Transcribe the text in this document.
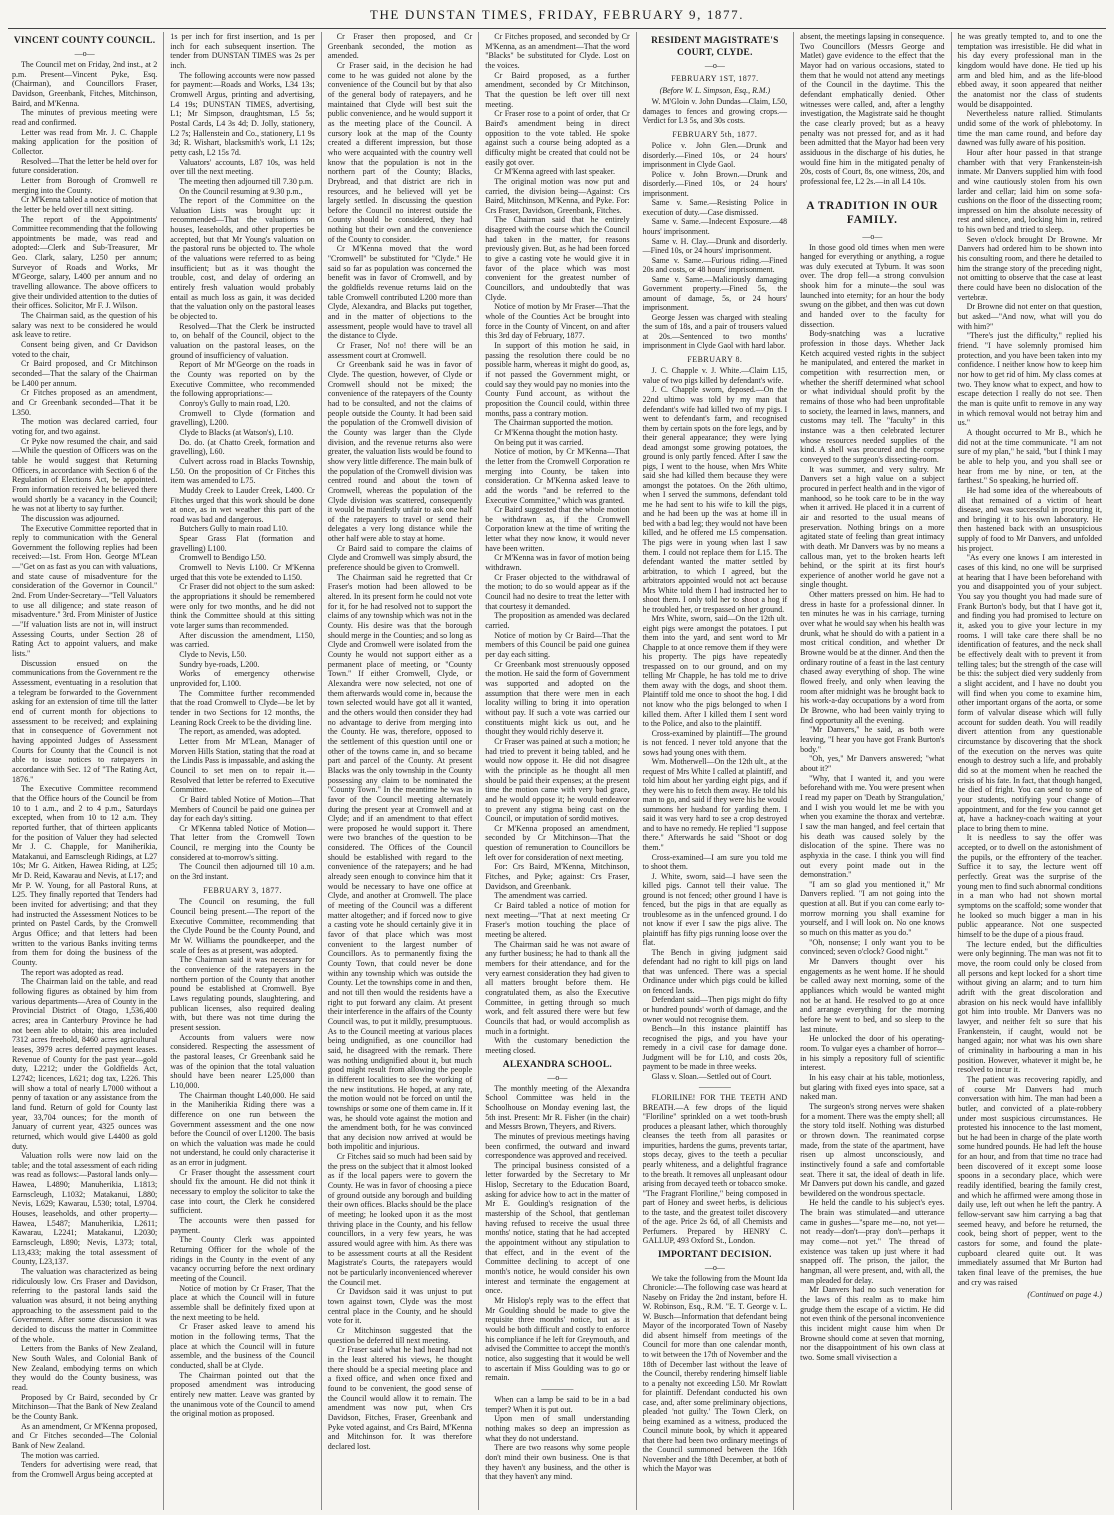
THE DUNSTAN TIMES, FRIDAY, FEBRUARY 9, 1877.
VINCENT COUNTY COUNCIL.
—o—

The Council met on Friday, 2nd inst., at 2 p.m. Present—Vincent Pyke, Esq. (Chairman), and Councillors Fraser, Davidson, Greenbank, Fitches, Mitchinson, Baird, and M'Kenna.

The minutes of previous meeting were read and confirmed.

Letter was read from Mr. J. C. Chapple making application for the position of Collector.

Resolved—That the letter be held over for future consideration.

Letter from Borough of Cromwell re merging into the County.

Cr M'Kenna tabled a notice of motion that the letter be held over till next sitting.

The report of the Appointments' Committee recommending that the following appointments be made, was read and adopted:—Clerk and Sub-Treasurer, Mr Geo. Clark, salary, L250 per annum; Surveyor of Roads and Works, Mr M'George, salary, L400 per annum and no travelling allowance. The above officers to give their undivided attention to the duties of their offices. Solicitor, Mr F. J. Wilson.

The Chairman said, as the question of his salary was next to be considered he would ask leave to retire.

Consent being given, and Cr Davidson voted to the chair,

Cr Baird proposed, and Cr Mitchinson seconded—That the salary of the Chairman be L400 per annum.

Cr Fitches proposed as an amendment, and Cr Greenbank seconded—That it be L350.

The motion was declared carried, four voting for, and two against.

Cr Pyke now resumed the chair, and said—While the question of Officers was on the table he would suggest that Returning Officers, in accordance with Section 6 of the Regulation of Elections Act, be appointed. From information received he believed there would shortly be a vacancy in the Council; he was not at liberty to say further.

The discussion was adjourned.

The Executive Committee reported that in reply to communication with the General Government the following replies had been received:—1st. From Hon. George M'Lean—"Get on as fast as you can with valuations, and state cause of misadventure for the consideration of the Governor in Council." 2nd. From Under-Secretary—"Tell Valuators to use all diligence; and state reason of misadventure." 3rd. From Minister of Justice—"If valuation lists are not in, will instruct Assessing Courts, under Section 28 of Rating Act to appoint valuers, and make lists."

Discussion ensued on the communications from the Government re the Assessment, eventuating in a resolution that a telegram be forwarded to the Government asking for an extension of time till the latter end of current month for objections to assessment to be received; and explaining that in consequence of Government not having appointed Judges of Assessment Courts for County that the Council is not able to issue notices to ratepayers in accordance with Sec. 12 of "The Rating Act, 1876."

The Executive Committee recommend that the Office hours of the Council be from 10 to 1 a.m., and 2 to 4 p.m., Saturdays excepted, when from 10 to 12 a.m. They reported further, that of thirteen applicants for the position of Valuer they had selected Mr J. C. Chapple, for Maniherikia, Matakanui, and Earnscleugh Ridings, at L27 10s; Mr G. Aitken, Hawea Riding, at L25; Mr D. Reid, Kawarau and Nevis, at L17; and Mr P. W. Young, for all Pastoral Runs, at L25. They finally reported that Tenders had been invited for advertising; and that they had instructed the Assessment Notices to be printed on Pastel Cards, by the Cromwell Argus Office; and that letters had been written to the various Banks inviting terms from them for doing the business of the County.

The report was adopted as read.

The Chairman laid on the table, and read following figures as obtained by him from various departments—Area of County in the Provincial District of Otago, 1,536,400 acres; area in Canterbury Province he had not been able to obtain; this area included 7312 acres freehold, 8460 acres agricultural leases, 3979 acres deferred payment leases. Revenue of County for the past year—gold duty, L2212; under the Goldfields Act, L2742; licences, L621; dog tax, L226. This will show a total of nearly L7000 without a penny of taxation or any assistance from the land fund. Return of gold for County last year, 33,704 ounces; for the month of January of current year, 4325 ounces was returned, which would give L4400 as gold duty.

Valuation rolls were now laid on the table; and the total assessment of each riding was read as follows:—Pastoral lands only—Hawea, L4890; Manuherikia, L1813; Earnscleugh, L1032; Matakanui, L880; Nevis, L629; Kawarau, L530; total, L9704. Houses, leaseholds, and other property—Hawea, L5487; Manuherikia, L2611; Kawarau, L2241; Matakanui, L2030; Earnscleugh, L890; Nevis, L373; total, L13,433; making the total assessment of County, L23,137.

The valuation was characterized as being ridiculously low. Crs Fraser and Davidson, referring to the pastoral lands said the valuation was absurd, it not being anything approaching to the assessment paid to the Government. After some discussion it was decided to discuss the matter in Committee of the whole.

Letters from the Banks of New Zealand, New South Wales, and Colonial Bank of New Zealand, embodying terms on which they would do the County business, was read.

Proposed by Cr Baird, seconded by Cr Mitchinson—That the Bank of New Zealand be the County Bank.

As an amendment, Cr M'Kenna proposed, and Cr Fitches seconded—The Colonial Bank of New Zealand.

The motion was carried.

Tenders for advertising were read, that from the Cromwell Argus being accepted at

1s per inch for first insertion, and 1s per inch for each subsequent insertion. The tender from DUNSTAN TIMES was 2s per inch.

The following accounts were now passed for payment:—Roads and Works, L34 13s; Cromwell Argus, printing and advertising, L4 19s; DUNSTAN TIMES, advertising, L1; Mr Simpson, draughtsman, L5 5s; Postal Cards, L4 3s 4d; D. Jolly, stationery, L2 7s; Hallenstein and Co., stationery, L1 9s 3d; R. Wishart, blacksmith's work, L1 12s; petty cash, L2 15s 7d.

Valuators' accounts, L87 10s, was held over till the next meeting.

The meeting then adjourned till 7.30 p.m.

On the Council resuming at 9.30 p.m.,

The report of the Committee on the Valuation Lists was brought up: it recommended—That the valuations on houses, leaseholds, and other properties be accepted, but that Mr Young's valuation on the pastoral runs be objected to. The whole of the valuations were referred to as being insufficient; but as it was thought the trouble, cost, and delay of ordering an entirely fresh valuation would probably entail as much loss as gain, it was decided that the valuation only on the pastoral leases be objected to.

Resolved—That the Clerk be instructed to, on behalf of the Council, object to the valuation on the pastoral leases, on the ground of insufficiency of valuation.

Report of Mr M'George on the roads in the County was reported on by the Executive Committee, who recommended the following appropriations:—

Conroy's Gully to main road, L20.

Cromwell to Clyde (formation and gravelling), L200.

Clyde to Blacks (at Watson's), L10.

Do. do. (at Chatto Creek, formation and gravelling), L60.

Culvert across road in Blacks Township, L50. On the proposition of Cr Fitches this item was amended to L75.

Muddy Creek to Lauder Creek, L400. Cr Fitches urged that this work should be done at once, as in wet weather this part of the road was bad and dangerous.

Butchers Gully to main road L10.

Spear Grass Flat (formation and gravelling) L100.

Cromwell to Bendigo L50.

Cromwell to Nevis L100. Cr M'Kenna urged that this vote be extended to L150.

Cr Fraser did not object to the sum asked: the appropriations it should be remembered were only for two months, and he did not think the Committee should at this sitting vote larger sums than recommended.

After discussion the amendment, L150, was carried.

Clyde to Nevis, L50.

Sundry bye-roads, L200.

Works of emergency otherwise unprovided for, L100.

The Committee further recommended that the road Cromwell to Clyde—be let by tender in two Sections for 12 months, the Leaning Rock Creek to be the dividing line.

The report, as amended, was adopted.

Letter from Mr M'Lean, Manager of Morven Hills Station, stating that the road at the Lindis Pass is impassable, and asking the Council to set men on to repair it.—Resolved that letter be referred to Executive Committee.

Cr Baird tabled Notice of Motion—That Members of Council be paid one guinea per day for each day's sitting.

Cr M'Kenna tabled Notice of Motion—That letter from the Cromwell Town Council, re merging into the County be considered at to-morrow's sitting.

The Council then adjourned till 10 a.m. on the 3rd instant.

FEBRUARY 3, 1877.

The Council on resuming, the full Council being present.—The report of the Executive Committee, recommending that the Clyde Pound be the County Pound, and Mr W. Williams the poundkeeper, and the scale of fees as at present, was adopted.

The Chairman said it was necessary for the convenience of the ratepayers in the northern portion of the County that another pound be established at Cromwell. Bye Laws regulating pounds, slaughtering, and publican licenses, also required dealing with, but there was not time during the present session.

Accounts from valuers were now considered. Respecting the assessment of the pastoral leases, Cr Greenbank said he was of the opinion that the total valuation should have been nearer L25,000 than L10,000.

The Chairman thought L40,000. He said in the Maniherikia Riding there was a difference on one run between the Government assessment and the one now before the Council of over L1200. The basis on which the valuation was made he could not understand, he could only characterise it as an error in judgment.

Cr Fraser thought the assessment court should fix the amount. He did not think it necessary to employ the solicitor to take the case into court, the Clerk he considered sufficient.

The accounts were then passed for payment.

The County Clerk was appointed Returning Officer for the whole of the ridings in the County in the event of any vacancy occurring before the next ordinary meeting of the Council.

Notice of motion by Cr Fraser, That the place at which the Council will in future assemble shall be definitely fixed upon at the next meeting to be held.

Cr Fraser asked leave to amend his motion in the following terms, That the place at which the Council will in future assemble, and the business of the Council conducted, shall be at Clyde.

The Chairman pointed out that the proposed amendment was introducing entirely new matter. Leave was granted by the unanimous vote of the Council to amend the original motion as proposed.

Cr Fraser then proposed, and Cr Greenbank seconded, the motion as amended.

Cr Fraser said, in the decision he had come to he was guided not alone by the convenience of the Council but by that also of the general body of ratepayers, and he maintained that Clyde will best suit the public convenience, and he would support it as the meeting place of the Council. A cursory look at the map of the County created a different impression, but those who were acquainted with the country well know that the population is not in the northern part of the County; Blacks, Drybread, and that district are rich in resources, and he believed will yet be largely settled. In discussing the question before the Council no interest outside the County should be considered, they had nothing but their own and the convenience of the County to consider.

Cr M'Kenna moved that the word "Cromwell" be substituted for "Clyde." He said so far as population was concerned the benefit was in favor of Cromwell, and by the goldfields revenue returns laid on the table Cromwell contributed L200 more than Clyde, Alexandra, and Blacks put together, and in the matter of objections to the assessment, people would have to travel all the distance to Clyde.

Cr Fraser, No! no! there will be an assessment court at Cromwell.

Cr Greenbank said he was in favor of Clyde. The question, however, of Clyde or Cromwell should not be mixed; the convenience of the ratepayers of the County had to be consulted, and not the claims of people outside the County. It had been said the population of the Cromwell division of the County was larger than the Clyde division, and the revenue returns also were greater, the valuation lists would be found to show very little difference. The main bulk of the population of the Cromwell division was centred round and about the town of Cromwell, whereas the population of the Clyde division was scattered, consequently it would be manifestly unfair to ask one half of the ratepayers to travel or send their delegates a very long distance while the other half were able to stay at home.

Cr Baird said to compare the claims of Clyde and Cromwell was simply absurd, the preference should be given to Cromwell.

The Chairman said he regretted that Cr Fraser's motion had been allowed to be altered. In its present form he could not vote for it, for he had resolved not to support the claims of any township which was not in the County. His desire was that the borough should merge in the Counties; and so long as Clyde and Cromwell were isolated from the County he would not support either as a permanent place of meeting, or "County Town." If either Cromwell, Clyde, or Alexandra were now selected, not one of them afterwards would come in, because the town selected would have got all it wanted, and the others would then consider they had no advantage to derive from merging into the County. He was, therefore, opposed to the settlement of this question until one or other of the towns came in, and so became part and parcel of the County. At present Blacks was the only township in the County possessing any claim to be nominated the "County Town." In the meantime he was in favor of the Council meeting alternately during the present year at Cromwell and at Clyde; and if an amendment to that effect were proposed he would support it. There were two branches of the question to be considered. The Offices of the Council should be established with regard to the convenience of the ratepayers; and he had already seen enough to convince him that it would be necessary to have one office at Clyde, and another at Cromwell. The place of meeting of the Council was a different matter altogether; and if forced now to give a casting vote he should certainly give it in favor of that place which was most convenient to the largest number of Councillors. As to permanently fixing the County Town, that could never be done within any township which was outside the County. Let the townships come in and then, and not till then would the residents have a right to put forward any claim. At present their interference in the affairs of the County Council was, to put it mildly, presumptuous. As to the Council meeting at various places being undignified, as one councillor had said, he disagreed with the remark. There was nothing undignified about it, but much good might result from allowing the people in different localities to see the working of the new institutions. He hoped, at any rate, the motion would not be forced on until the townships or some one of them came in. If it was, he should vote against the motion and the amendment both, for he was convinced that any decision now arrived at would be both impolitic and injurious.

Cr Fitches said so much had been said by the press on the subject that it almost looked as if the local papers were to govern the County. He was in favor of choosing a piece of ground outside any borough and building their own offices. Blacks should be the place of meeting; he looked upon it as the most thriving place in the County, and his fellow councillors, in a very few years, he was assured would agree with him. As there was to be assessment courts at all the Resident Magistrate's Courts, the ratepayers would not be particularly inconvenienced wherever the Council met.

Cr Davidson said it was unjust to put town against town, Clyde was the most central place in the County, and he should vote for it.

Cr Mitchinson suggested that the question be deferred till next meeting.

Cr Fraser said what he had heard had not in the least altered his views, he thought there should be a special meeting place and a fixed office, and when once fixed and found to be convenient, the good sense of the Council would allow it to remain. The amendment was now put, when Crs Davidson, Fitches, Fraser, Greenbank and Pyke voted against, and Crs Baird, M'Kenna and Mitchinson for. It was therefore declared lost.

Cr Fitches proposed, and seconded by Cr M'Kenna, as an amendment—That the word "Blacks" be substituted for Clyde. Lost on the voices.

Cr Baird proposed, as a further amendment, seconded by Cr Mitchinson, That the question be left over till next meeting.

Cr Fraser rose to a point of order, that Cr Baird's amendment being in direct opposition to the vote tabled. He spoke against such a course being adopted as a difficulty might be created that could not be easily got over.

Cr M'Kenna agreed with last speaker.

The original motion was now put and carried, the division being—Against: Crs Baird, Mitchinson, M'Kenna, and Pyke. For: Crs Fraser, Davidson, Greenbank, Fitches.

The Chairman said that he entirely disagreed with the course which the Council had taken in the matter, for reasons previously given. But, as he had been forced to give a casting vote he would give it in favor of the place which was most convenient for the greatest number of Councillors, and undoubtedly that was Clyde.

Notice of motion by Mr Fraser—That the whole of the Counties Act be brought into force in the County of Vincent, on and after this 3rd day of February, 1877.

In support of this motion he said, in passing the resolution there could be no possible harm, whereas it might do good, as, if not passed the Government might, or could say they would pay no monies into the County Fund account, as without the proposition the Council could, within three months, pass a contrary motion.

The Chairman supported the motion.

Cr M'Kenna thought the motion hasty.

On being put it was carried.

Notice of motion, by Cr M'Kenna—That the letter from the Cromwell Corporation re merging into County, be taken into consideration. Cr M'Kenna asked leave to add the words "and be referred to the Executive Committee," which was granted.

Cr Baird suggested that the whole motion be withdrawn as, if the Cromwell Corporation knew at the time of writing the letter what they now know, it would never have been written.

Cr M'Kenna was in favor of motion being withdrawn.

Cr Fraser objected to the withdrawal of the motion; to do so would appear as if the Council had no desire to treat the letter with that courtesy it demanded.

The proposition as amended was declared carried.

Notice of motion by Cr Baird—That the members of this Council be paid one guinea per day each sitting.

Cr Greenbank most strenuously opposed the motion. He said the form of Government was supported and adopted on the assumption that there were men in each locality willing to bring it into operation without pay. If such a vote was carried our constituents might kick us out, and he thought they would richly deserve it.

Cr Fraser was pained at such a motion; he had tried to prevent it being tabled, and he would now oppose it. He did not disagree with the principle as he thought all men should be paid their expenses; at the present time the motion came with very bad grace, and he would oppose it; he would endeavor to prevent any stigma being cast on the Council, or imputation of sordid motives.

Cr M'Kenna proposed an amendment, seconded by Cr Mitchinson—That the question of remuneration to Councillors be left over for consideration of next meeting.

For: Crs Baird, M'Kenna, Mitchinson, Fitches, and Pyke; against: Crs Fraser, Davidson, and Greenbank.

The amendment was carried.

Cr Baird tabled a notice of motion for next meeting—"That at next meeting Cr Fraser's motion touching the place of meeting be altered.

The Chairman said he was not aware of any further business; he had to thank all the members for their attendance, and for the very earnest consideration they had given to all matters brought before them. He congratulated them, as also the Executive Committee, in getting through so much work, and felt assured there were but few Councils that had, or would accomplish as much in a fortnight.

With the customary benediction the meeting closed.

ALEXANDRA SCHOOL.
—o—

The monthly meeting of the Alexandra School Committee was held in the Schoolhouse on Monday evening last, the 5th inst. Present: Mr R. Fisher (in the chair) and Messrs Brown, Theyers, and Rivers.

The minutes of previous meetings having been confirmed, the outward and inward correspondence was approved and received.

The principal business consisted of a letter forwarded by the Secretary to Mr Hislop, Secretary to the Education Board, asking for advice how to act in the matter of Mr E. Goulding's resignation of the mastership of the School, that gentleman having refused to receive the usual three months' notice, stating that he had accepted the appointment without any stipulation to that effect, and in the event of the Committee declining to accept of one month's notice, he would consider his own interest and terminate the engagement at once.

Mr Hislop's reply was to the effect that Mr Goulding should be made to give the requisite three months' notice, but as it would be both difficult and costly to enforce his compliance if he left for Greymouth, and advised the Committee to accept the month's notice, also suggesting that it would be well to ascertain if Miss Goulding was to go or remain.

————

When can a lamp be said to be in a bad temper? When it is put out.

Upon men of small understanding nothing makes so deep an impression as what they do not understand.

There are two reasons why some people don't mind their own business. One is that they haven't any business, and the other is that they haven't any mind.

RESIDENT MAGISTRATE'S COURT, CLYDE.
—o—
FEBRUARY 1ST, 1877.
(Before W. L. Simpson, Esq., R.M.)

W. M'Gloin v. John Dundas—Claim, L50, damages to fences and growing crops.—Verdict for L3 5s, and 30s costs.

FEBRUARY 5th, 1877.

Police v. John Glen.—Drunk and disorderly.—Fined 10s, or 24 hours' imprisonment in Clyde Gaol.

Police v. John Brown.—Drunk and disorderly.—Fined 10s, or 24 hours' imprisonment.

Same v. Same.—Resisting Police in execution of duty.—Case dismissed.

Same v. Same.—Indecent Exposure.—48 hours' imprisonment.

Same v. H. Clay.—Drunk and disorderly.—Fined 10s, or 24 hours' imprisonment.

Same v. Same.—Furious riding.—Fined 20s and costs, or 48 hours' imprisonment.

Same v. Same.—Maliciously damaging Government property.—Fined 5s, the amount of damage, 5s, or 24 hours' imprisonment.

George Jessen was charged with stealing the sum of 18s, and a pair of trousers valued at 20s.—Sentenced to two months' imprisonment in Clyde Gaol with hard labor.

FEBRUARY 8.

J. C. Chapple v. J. White.—Claim L15, value of two pigs killed by defendant's wife.

J. C. Chapple sworn, deposed.—On the 22nd ultimo was told by my man that defendant's wife had killed two of my pigs. I went to defendant's farm, and recognised them by certain spots on the fore legs, and by their general appearance; they were lying dead amongst some growing potatoes, the ground is only partly fenced. After I saw the pigs, I went to the house, when Mrs White said she had killed them because they were amongst the potatoes. On the 26th ultimo, when I served the summons, defendant told me he had sent to his wife to kill the pigs, and he had been up the was at home ill in bed with a bad leg; they would not have been killed, and he offered me L5 compensation. The pigs were in young when last I saw them. I could not replace them for L15. The defendant wanted the matter settled by arbitration, to which I agreed, but the arbitrators appointed would not act because Mrs White told them I had instructed her to shoot them. I only told her to shoot a hog if he troubled her, or trespassed on her ground.

Mrs White, sworn, said—On the 12th ult. eight pigs were amongst the potatoes. I put them into the yard, and sent word to Mr Chapple to at once remove them if they were his property. The pigs have repeatedly trespassed on to our ground, and on my telling Mr Chapple, he has told me to drive them away with the dogs, and shoot them. Plaintiff told me once to shoot the hog. I did not know who the pigs belonged to when I killed them. After I killed them I sent word to the Police, and also to the plaintiff.

Cross-examined by plaintiff—The ground is not fenced. I never told anyone that the sows had young ones with them.

Wm. Motherwell—On the 12th ult., at the request of Mrs White I called at plaintiff, and told him about her yarding eight pigs, and if they were his to fetch them away. He told his man to go, and said if they were his he would summons her husband for yarding them. I said it was very hard to see a crop destroyed and to have no remedy. He replied "I suppose there." Afterwards he said "Shoot or dog them."

Cross-examined—I am sure you told me to shoot them.

J. White, sworn, said—I have seen the killed pigs. Cannot tell their value. The ground is not fenced; other ground I have is fenced, but the pigs in that are equally as troublesome as in the unfenced ground. I do not know if ever I saw the pigs alive. The plaintiff has fifty pigs running loose over the flat.

The Bench in giving judgment said defendant had no right to kill pigs on land that was unfenced. There was a special Ordinance under which pigs could be killed on fenced lands.

Defendant said—Then pigs might do fifty or hundred pounds' worth of damage, and the owner would not recognise them.

Bench—In this instance plaintiff has recognised the pigs, and you have your remedy in a civil case for damage done. Judgment will be for L10, and costs 20s, payment to be made in three weeks.

Glass v. Sloan.—Settled out of Court.

————

FLORILINE! FOR THE TEETH AND BREATH.—A few drops of the liquid "Floriline" sprinkled on a wet tooth-brush produces a pleasant lather, which thoroughly cleanses the teeth from all parasites or impurities, hardens the gums, prevents tartar, stops decay, gives to the teeth a peculiar pearly whiteness, and a delightful fragrance to the breath. It removes all unpleasant odour arising from decayed teeth or tobacco smoke. "The Fragrant Floriline," being composed in part of Honey and sweet herbs, is delicious to the taste, and the greatest toilet discovery of the age. Price 2s 6d, of all Chemists and Perfumers. Prepared by HENRY C. GALLUP, 493 Oxford St., London.

IMPORTANT DECISION.
—o—

We take the following from the Mount Ida Chronicle:—The following case was heard at Naseby on Friday the 2nd instant, before H. W. Robinson, Esq., R.M. "E. T. George v. L. W. Busch—Information that defendant being Mayor of the incorporated Town of Naseby did absent himself from meetings of the Council for more than one calendar month, to wit between the 17th of November and the 18th of December last without the leave of the Council, thereby rendering himself liable to a penalty not exceeding L50. Mr Rowlatt for plaintiff. Defendant conducted his own case, and, after some preliminary objections, pleaded 'not guilty.' The Town Clerk, on being examined as a witness, produced the Council minute book, by which it appeared that there had been two ordinary meetings of the Council summoned between the 16th November and the 18th December, at both of which the Mayor was

absent, the meetings lapsing in consequence. Two Councillors (Messrs George and Matlet) gave evidence to the effect that the Mayor had on various occasions, stated to them that he would not attend any meetings of the Council in the daytime. This the defendant emphatically denied. Other witnesses were called, and, after a lengthy investigation, the Magistrate said he thought the case clearly proved; but as a heavy penalty was not pressed for, and as it had been admitted that the Mayor had been very assiduous in the discharge of his duties, he would fine him in the mitigated penalty of 20s, costs of Court, 8s, one witness, 20s, and professional fee, L2 2s.—in all L4 10s.

A TRADITION IN OUR FAMILY.
—o—

In those good old times when men were hanged for everything or anything, a rogue was duly executed at Tyburn. It was soon over. The drop fell—a strong convulsion shook him for a minute—the soul was launched into eternity; for an hour the body swung on the gibbet, and then was cut down and handed over to the faculty for dissection.

Body-snatching was a lucrative profession in those days. Whether Jack Ketch acquired vested rights in the subject he manipulated, and entered the market in competition with resurrection men, or whether the sheriff determined what school or what individual should profit by the remains of those who had been unprofitable to society, the learned in laws, manners, and customs may tell. The "faculty" in this instance was a then celebrated lecturer whose resources needed supplies of the kind. A shell was procured and the corpse conveyed to the surgeon's dissecting-room.

It was summer, and very sultry. Mr Danvers set a high value on a subject procured in perfect health and in the vigor of manhood, so he took care to be in the way when it arrived. He placed it in a current of air and resorted to the usual means of preservation. Nothing brings on a more agitated state of feeling than great intimacy with death. Mr Danvers was by no means a callous man, yet to the broken hearts left behind, or the spirit at its first hour's experience of another world he gave not a single thought.

Other matters pressed on him. He had to dress in haste for a professional dinner. In ten minutes he was in his carriage, turning over what he would say when his health was drunk, what he should do with a patient in a most critical condition, and whether Dr Browne would be at the dinner. And then the ordinary routine of a feast in the last century chased away everything of shop. The wine flowed freely, and only when leaving the room after midnight was he brought back to his work-a-day occupations by a word from Dr Browne, who had been vainly trying to find opportunity all the evening.

"Mr Danvers," he said, as both were leaving, "I hear you have got Frank Burton's body."

"Oh, yes," Mr Danvers answered; "what about it?"

"Why, that I wanted it, and you were beforehand with me. You were present when I read my paper on 'Death by Strangulation,' and I wish you would let me be with you when you examine the thorax and vertebræ. I saw the man hanged, and feel certain that his death was caused solely by the dislocation of the spine. There was no asphyxia in the case. I think you will find out every point made out in the demonstration."

"I am so glad you mentioned it," Mr Danvers replied. "I am not going into the question at all. But if you can come early to-morrow morning you shall examine for yourself, and I will look on. No one knows so much on this matter as you do."

"Oh, nonsense; I only want you to be convinced; seven o'clock? Good night."

Mr Danvers thought over his engagements as he went home. If he should be called away next morning, some of the appliances which would be wanted might not be at hand. He resolved to go at once and arrange everything for the morning before he went to bed, and so sleep to the last minute.

He unlocked the door of his operating-room. To vulgar eyes a chamber of horror—in his simply a repository full of scientific interest.

In his easy chair at his table, motionless, but glaring with fixed eyes into space, sat a naked man.

The surgeon's strong nerves were shaken for a moment. There was the empty shell; all the story told itself. Nothing was disturbed or thrown down. The reanimated corpse made, from the state of the apartment, have risen up almost unconsciously, and instinctively found a safe and comfortable seat. There it sat, the ideal of death in life. Mr Danvers put down his candle, and gazed bewildered on the wondrous spectacle.

He held the candle to his subject's eyes. The brain was stimulated—and utterance came in gushes—"spare me—no, not yet—not ready—don't—pray don't—perhaps it may come—not yet." The thread of existence was taken up just where it had snapped off. The prison, the jailor, the hangman, all were present, and, with all, the man pleaded for delay.

Mr Danvers had no such veneration for the laws of this realm as to make him grudge them the escape of a victim. He did not even think of the personal inconvenience this incident might cause him when Dr Browne should come at seven that morning, nor the disappointment of his own class at two. Some small vivisection a

he was greatly tempted to, and to one the temptation was irresistible. He did what in his day every professional man in the kingdom would have done. He tied up his arm and bled him, and as the life-blood ebbed away, it soon appeared that neither the anatomist nor the class of students would be disappointed.

Nevertheless nature rallied. Stimulants undid some of the work of phlebotomy. In time the man came round, and before day dawned was fully aware of his position.

Hour after hour passed in that strange chamber with that very Frankenstein-ish inmate. Mr Danvers supplied him with food and wine cautiously stolen from his own larder and cellar; laid him on some sofa-cushions on the floor of the dissecting room; impressed on him the absolute necessity of rest and silence, and, locking him in, retired to his own bed and tried to sleep.

Seven o'clock brought Dr Browne. Mr Danvers had ordered him to be shown into his consulting room, and there he detailed to him the strange story of the preceding night, not omitting to observe that the case at least there could have been no dislocation of the vertebræ.

Dr Browne did not enter on that question, but asked—"And now, what will you do with him?"

"There's just the difficulty," replied his friend. "I have solemnly promised him protection, and you have been taken into my confidence. I neither know how to keep him nor how to get rid of him. My class comes at two. They know what to expect, and how to escape detection I really do not see. Then the man is quite unfit to remove in any way in which removal would not betray him and us."

A thought occurred to Mr B., which he did not at the time communicate. "I am not sure of my plan," he said, "but I think I may be able to help you, and you shall see or hear from me by nine, or ten, at the farthest." So speaking, he hurried off.

He had some idea of the whereabouts of all that remained of a victim of heart disease, and was successful in procuring it, and bringing it to his own laboratory. He then hastened back with an unsuspicious supply of food to Mr Danvers, and unfolded his project.

"As every one knows I am interested in cases of this kind, no one will be surprised at hearing that I have been beforehand with you and disappointed you of your subject. You say you thought you had made sure of Frank Burton's body, but that I have got it, and finding you had promised to lecture on it, asked you to give your lecture in my rooms. I will take care there shall be no identification of features, and the neck shall be effectively dealt with to prevent it from telling tales; but the strength of the case will be this: the subject died very suddenly from a slight accident, and I have no doubt you will find when you come to examine him, other important organs of the aorta, or some form of valvular disease which will fully account for sudden death. You will readily divert attention from any questionable circumstance by discovering that the shock of the execution on the nerves was quite enough to destroy such a life, and probably did so at the moment when he reached the crisis of his fate. In fact, that though hanged, he died of fright. You can send to some of your students, notifying your change of appointment, and for the few you cannot get at, have a hackney-coach waiting at your place to bring them to mine.

It is needless to say the offer was accepted, or to dwell on the astonishment of the pupils, or the effrontery of the teacher. Suffice it to say, the lecture went off perfectly. Great was the surprise of the young men to find such abnormal conditions in a man who had not shown mortal symptoms on the scaffold; some wonder that he looked so much bigger a man in his public appearance. Not one suspected himself to be the dupe of a pious fraud.

The lecture ended, but the difficulties were only beginning. The man was not fit to move, the room could only be closed from all persons and kept locked for a short time without giving an alarm; and to turn him adrift with the great discoloration and abrasion on his neck would have infallibly got him into trouble. Mr Danvers was no lawyer, and neither felt so sure that his Frankenstein, if caught, would not be hanged again; nor what was his own share of criminality in harbouring a man in his position. However, whatever it might be, he resolved to incur it.

The patient was recovering rapidly, and of course Mr Danvers had much conversation with him. The man had been a butler, and convicted of a plate-robbery under most suspicious circumstances. He protested his innocence to the last moment, but he had been in charge of the plate worth some hundred pounds. He had left the house for an hour, and from that time no trace had been discovered of it except some loose spoons in a secondary place, which were readily identified, bearing the family crest, and which he affirmed were among those in daily use, left out when he left the pantry. A fellow-servant saw him carrying a bag that seemed heavy, and before he returned, the cook, being short of pepper, went to the castors for some, and found the plate-cupboard cleared quite out. It was immediately assumed that Mr Burton had taken final leave of the premises, the hue and cry was raised

(Continued on page 4.)
